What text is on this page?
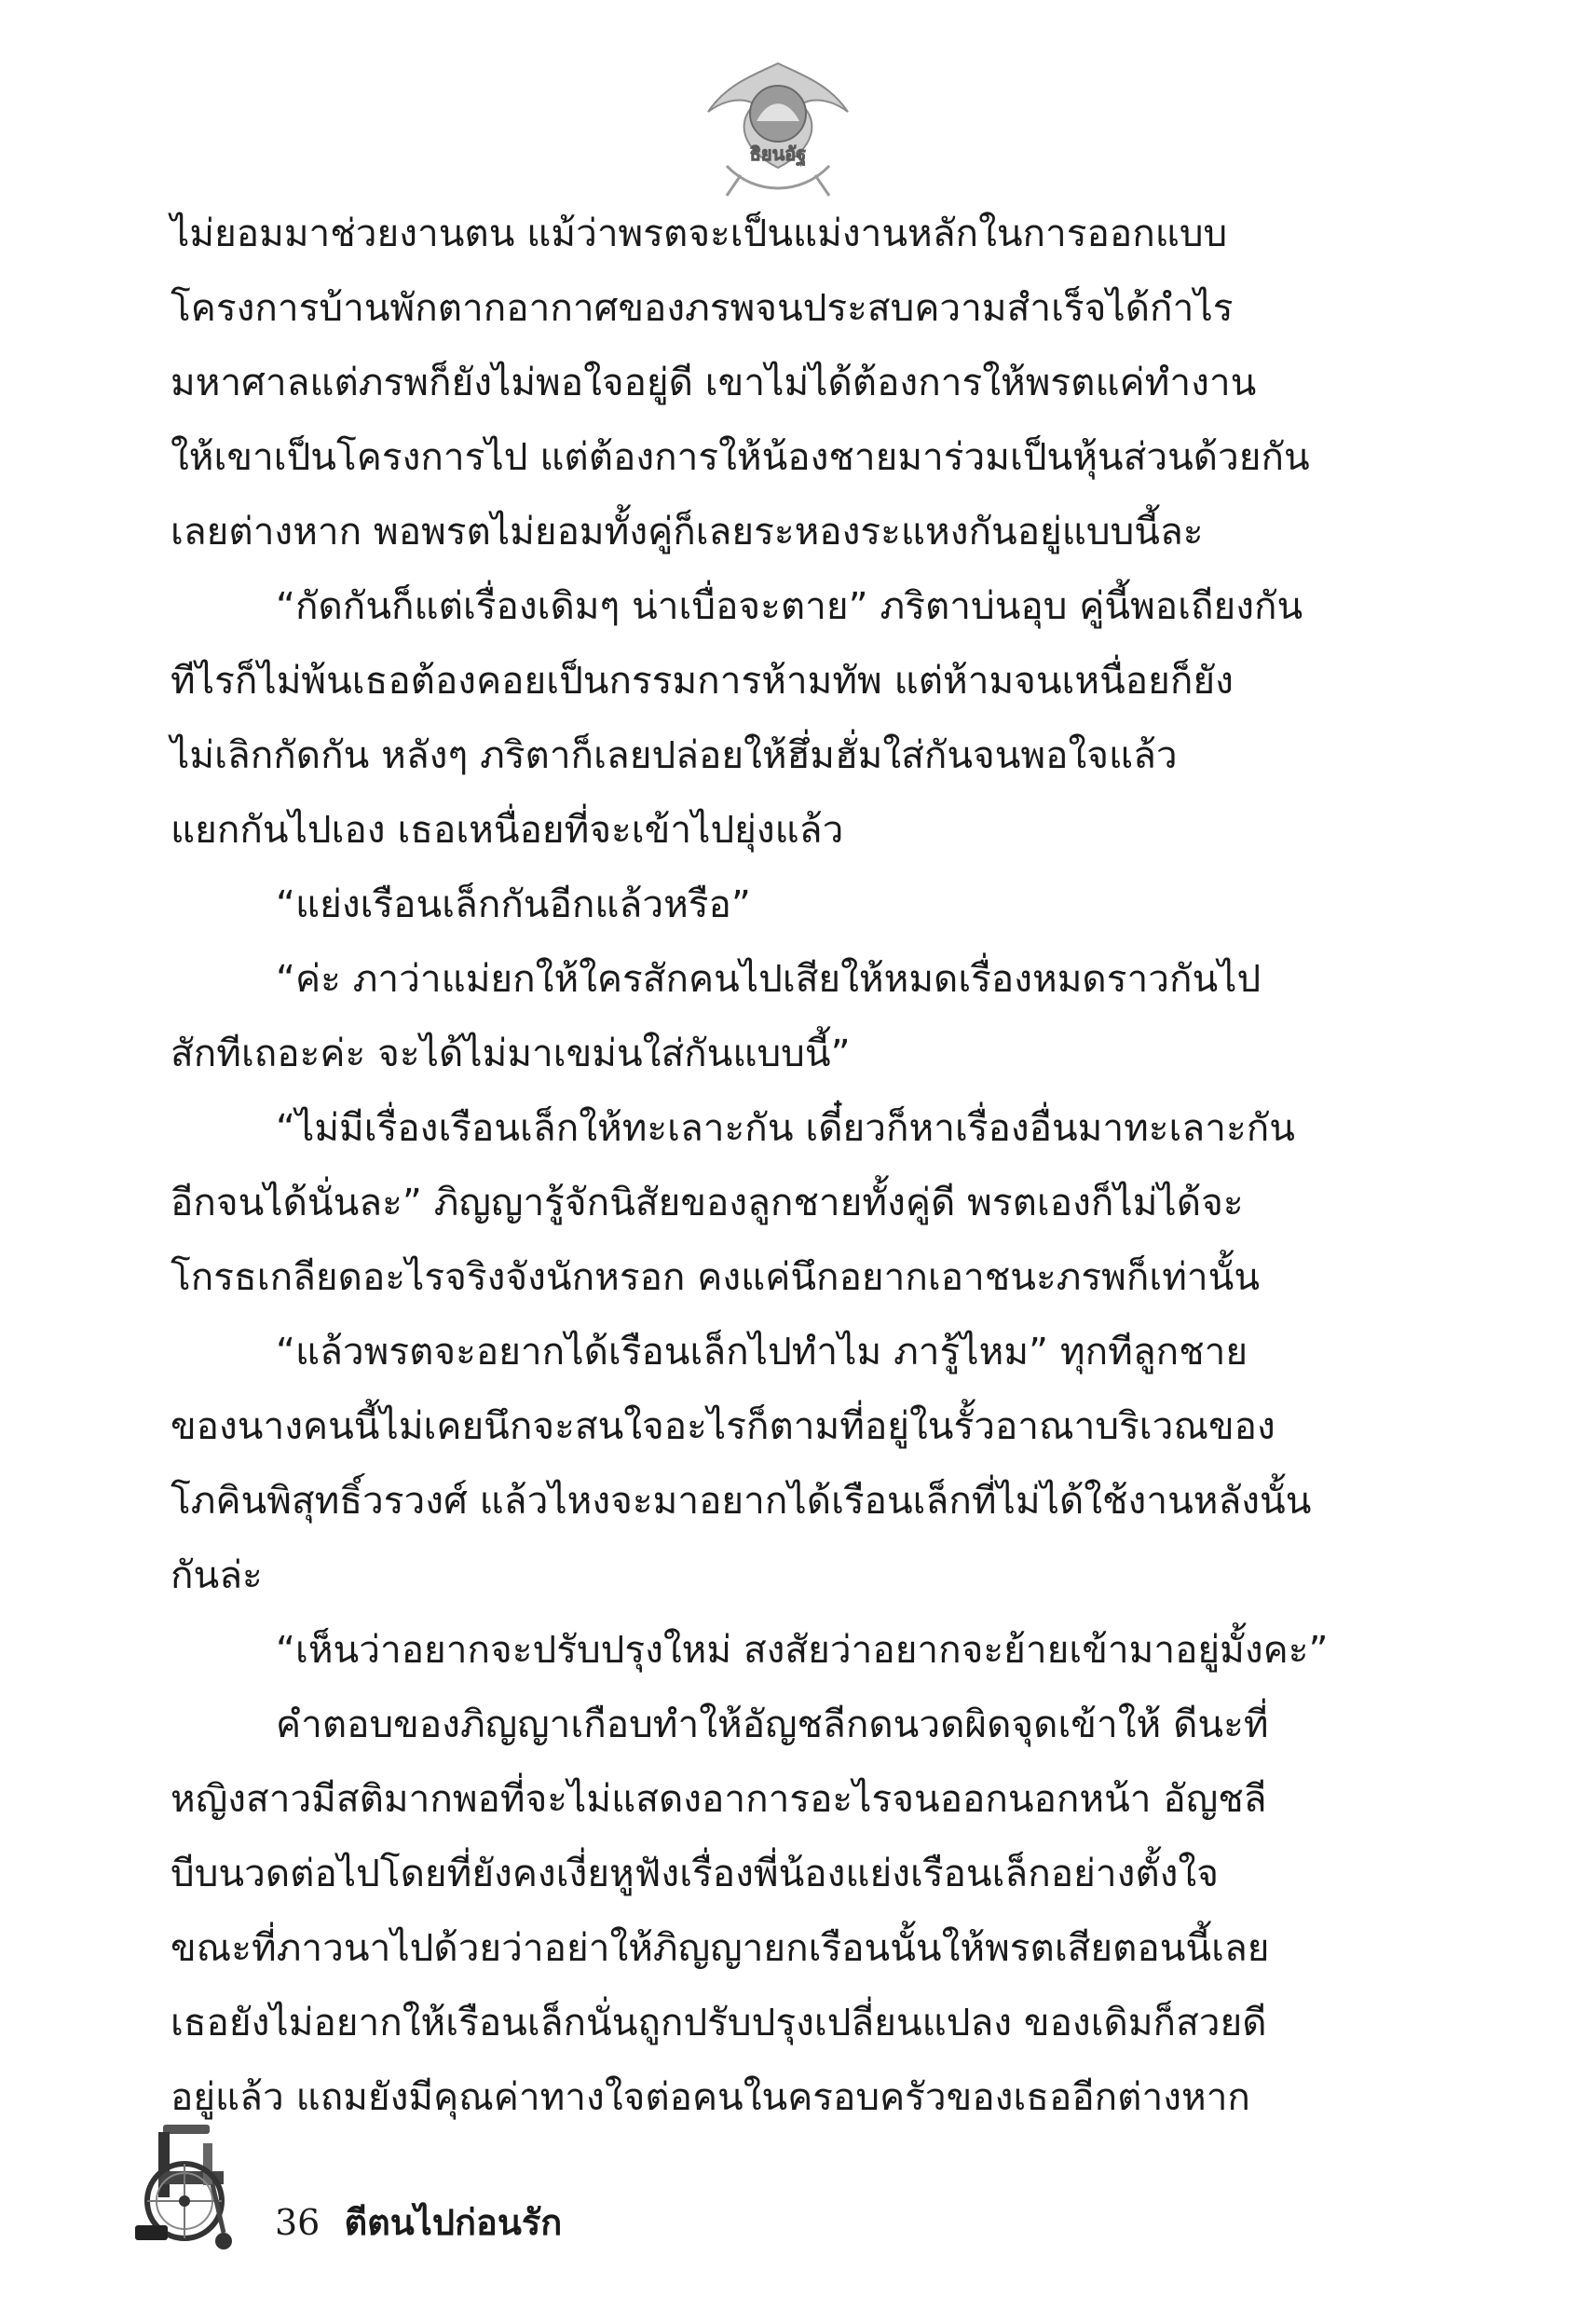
ธิยนอัฐ

ไม่ยอมมาช่วยงานตน แม้ว่าพรตจะเป็นแม่งานหลักในการออกแบบ

โครงการบ้านพักตากอากาศของภรพจนประสบความสำเร็จได้กำไร

มหาศาลแต่ภรพก็ยังไม่พอใจอยู่ดี เขาไม่ได้ต้องการให้พรตแค่ทำงาน

ให้เขาเป็นโครงการไป แต่ต้องการให้น้องชายมาร่วมเป็นหุ้นส่วนด้วยกัน

เลยต่างหาก พอพรตไม่ยอมทั้งคู่ก็เลยระหองระแหงกันอยู่แบบนี้ละ

“กัดกันก็แต่เรื่องเดิมๆ น่าเบื่อจะตาย” ภริตาบ่นอุบ คู่นี้พอเถียงกัน

ทีไรก็ไม่พ้นเธอต้องคอยเป็นกรรมการห้ามทัพ แต่ห้ามจนเหนื่อยก็ยัง

ไม่เลิกกัดกัน หลังๆ ภริตาก็เลยปล่อยให้ฮึ่มฮั่มใส่กันจนพอใจแล้ว

แยกกันไปเอง เธอเหนื่อยที่จะเข้าไปยุ่งแล้ว

“แย่งเรือนเล็กกันอีกแล้วหรือ”

“ค่ะ ภาว่าแม่ยกให้ใครสักคนไปเสียให้หมดเรื่องหมดราวกันไป

สักทีเถอะค่ะ จะได้ไม่มาเขม่นใส่กันแบบนี้”

“ไม่มีเรื่องเรือนเล็กให้ทะเลาะกัน เดี๋ยวก็หาเรื่องอื่นมาทะเลาะกัน

อีกจนได้นั่นละ” ภิญญารู้จักนิสัยของลูกชายทั้งคู่ดี พรตเองก็ไม่ได้จะ

โกรธเกลียดอะไรจริงจังนักหรอก คงแค่นึกอยากเอาชนะภรพก็เท่านั้น

“แล้วพรตจะอยากได้เรือนเล็กไปทำไม ภารู้ไหม” ทุกทีลูกชาย

ของนางคนนี้ไม่เคยนึกจะสนใจอะไรก็ตามที่อยู่ในรั้วอาณาบริเวณของ

โภคินพิสุทธิ์วรวงศ์ แล้วไหงจะมาอยากได้เรือนเล็กที่ไม่ได้ใช้งานหลังนั้น

กันล่ะ

“เห็นว่าอยากจะปรับปรุงใหม่ สงสัยว่าอยากจะย้ายเข้ามาอยู่มั้งคะ”

คำตอบของภิญญาเกือบทำให้อัญชลีกดนวดผิดจุดเข้าให้ ดีนะที่

หญิงสาวมีสติมากพอที่จะไม่แสดงอาการอะไรจนออกนอกหน้า อัญชลี

บีบนวดต่อไปโดยที่ยังคงเงี่ยหูฟังเรื่องพี่น้องแย่งเรือนเล็กอย่างตั้งใจ

ขณะที่ภาวนาไปด้วยว่าอย่าให้ภิญญายกเรือนนั้นให้พรตเสียตอนนี้เลย

เธอยังไม่อยากให้เรือนเล็กนั่นถูกปรับปรุงเปลี่ยนแปลง ของเดิมก็สวยดี

อยู่แล้ว แถมยังมีคุณค่าทางใจต่อคนในครอบครัวของเธออีกต่างหาก

36 ตีตนไปก่อนรัก
